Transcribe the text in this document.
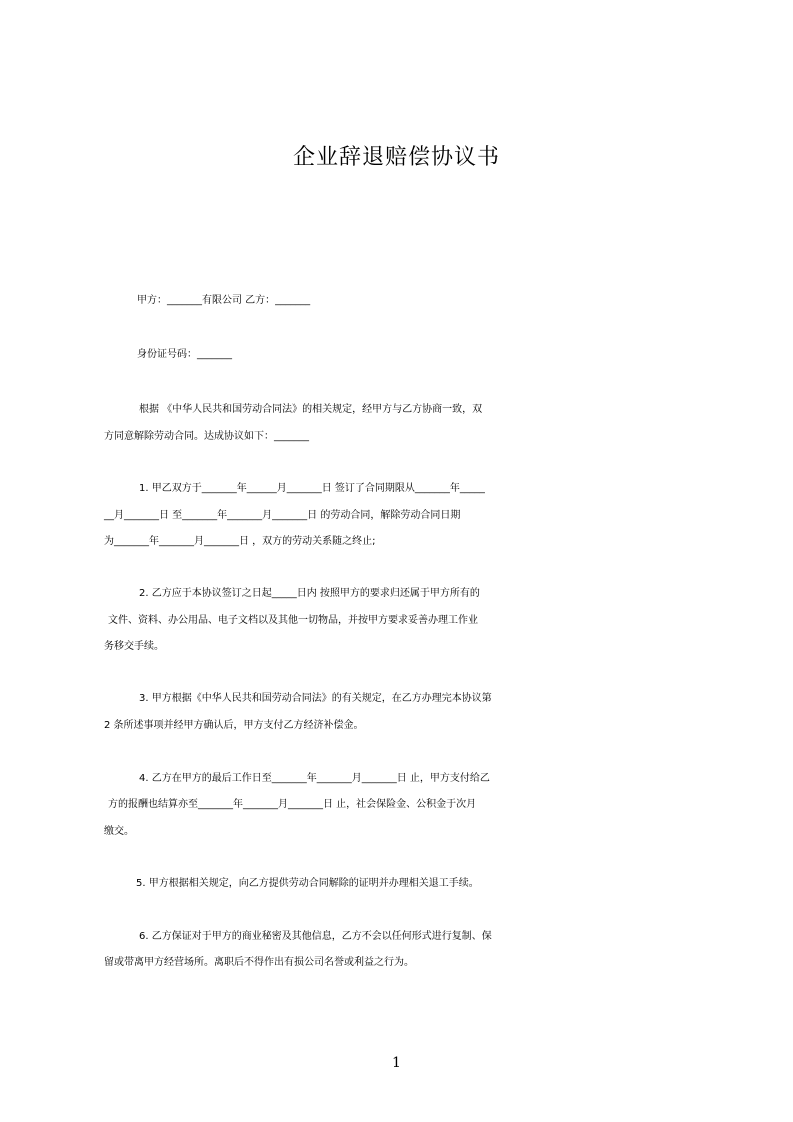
企业辞退赔偿协议书

甲方：_______有限公司 乙方：_______

身份证号码：_______

根据 《中华人民共和国劳动合同法》的相关规定，经甲方与乙方协商一致，双

方同意解除劳动合同。达成协议如下：_______

1. 甲乙双方于_______年______月_______日 签订了合同期限从_______年_____

__月_______日 至_______年_______月_______日 的劳动合同，解除劳动合同日期

为_______年_______月_______日 ，双方的劳动关系随之终止;

2. 乙方应于本协议签订之日起_____日内 按照甲方的要求归还属于甲方所有的

文件、资料、办公用品、电子文档以及其他一切物品，并按甲方要求妥善办理工作业

务移交手续。

3. 甲方根据《中华人民共和国劳动合同法》的有关规定，在乙方办理完本协议第

2 条所述事项并经甲方确认后，甲方支付乙方经济补偿金。

4. 乙方在甲方的最后工作日至_______年_______月_______日 止，甲方支付给乙

方的报酬也结算亦至_______年_______月_______日 止，社会保险金、公积金于次月

缴交。

5. 甲方根据相关规定，向乙方提供劳动合同解除的证明并办理相关退工手续。

6. 乙方保证对于甲方的商业秘密及其他信息，乙方不会以任何形式进行复制、保

留或带离甲方经营场所。离职后不得作出有损公司名誉或利益之行为。

1
